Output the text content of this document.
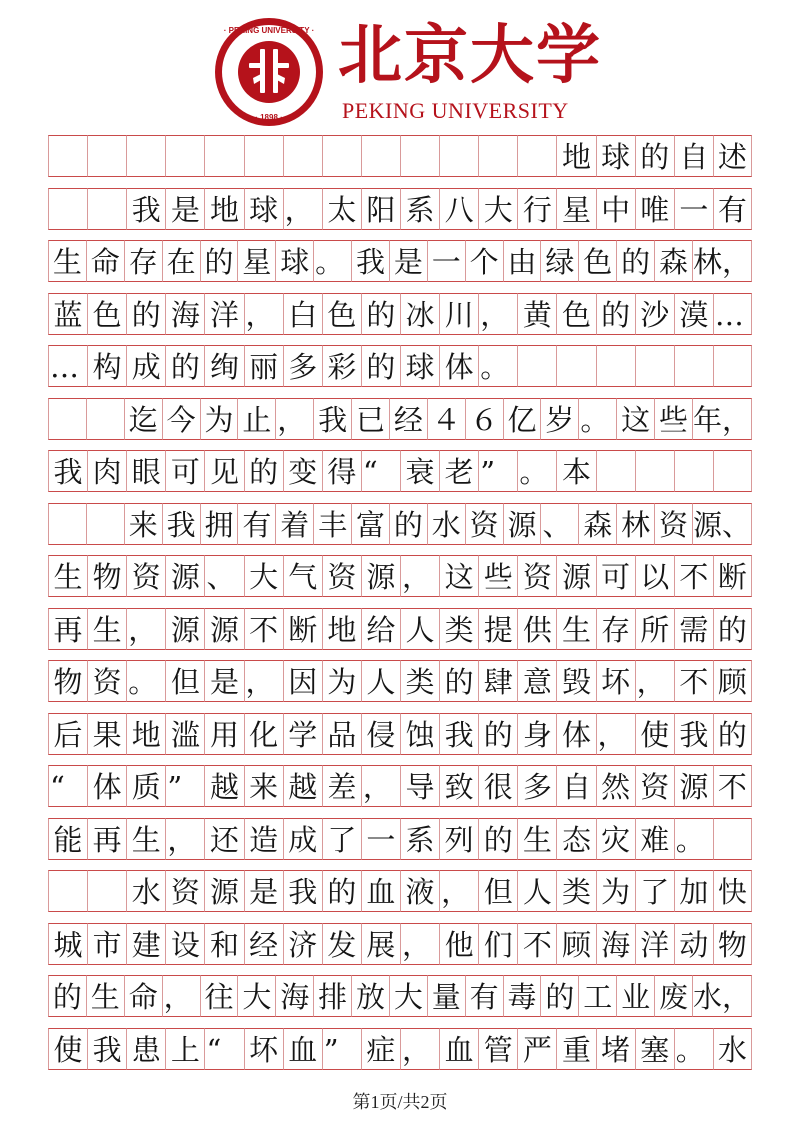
· PEKING UNIVERSITY ·
· 1898 ·
北京大学
PEKING UNIVERSITY
地 球 的 自 述
我 是 地 球 ， 太 阳 系 八 大 行 星 中 唯 一 有
生 命 存 在 的 星 球 。 我 是 一 个 由 绿 色 的 森 林，
蓝 色 的 海 洋 ， 白 色 的 冰 川 ， 黄 色 的 沙 漠 …
… 构 成 的 绚 丽 多 彩 的 球 体 。
迄 今 为 止 ， 我 已 经 ４ ６ 亿 岁 。 这 些 年，
我 肉 眼 可 见 的 变 得 “ 衰 老 ” 。 本
来 我 拥 有 着 丰 富 的 水 资 源 、 森 林 资 源、
生 物 资 源 、 大 气 资 源 ， 这 些 资 源 可 以 不 断
再 生 ， 源 源 不 断 地 给 人 类 提 供 生 存 所 需 的
物 资 。 但 是 ， 因 为 人 类 的 肆 意 毁 坏 ， 不 顾
后 果 地 滥 用 化 学 品 侵 蚀 我 的 身 体 ， 使 我 的
“ 体 质 ” 越 来 越 差 ， 导 致 很 多 自 然 资 源 不
能 再 生 ， 还 造 成 了 一 系 列 的 生 态 灾 难 。
水 资 源 是 我 的 血 液 ， 但 人 类 为 了 加 快
城 市 建 设 和 经 济 发 展 ， 他 们 不 顾 海 洋 动 物
的 生 命 ， 往 大 海 排 放 大 量 有 毒 的 工 业 废 水，
使 我 患 上 “ 坏 血 ” 症 ， 血 管 严 重 堵 塞 。 水
第1页/共2页
